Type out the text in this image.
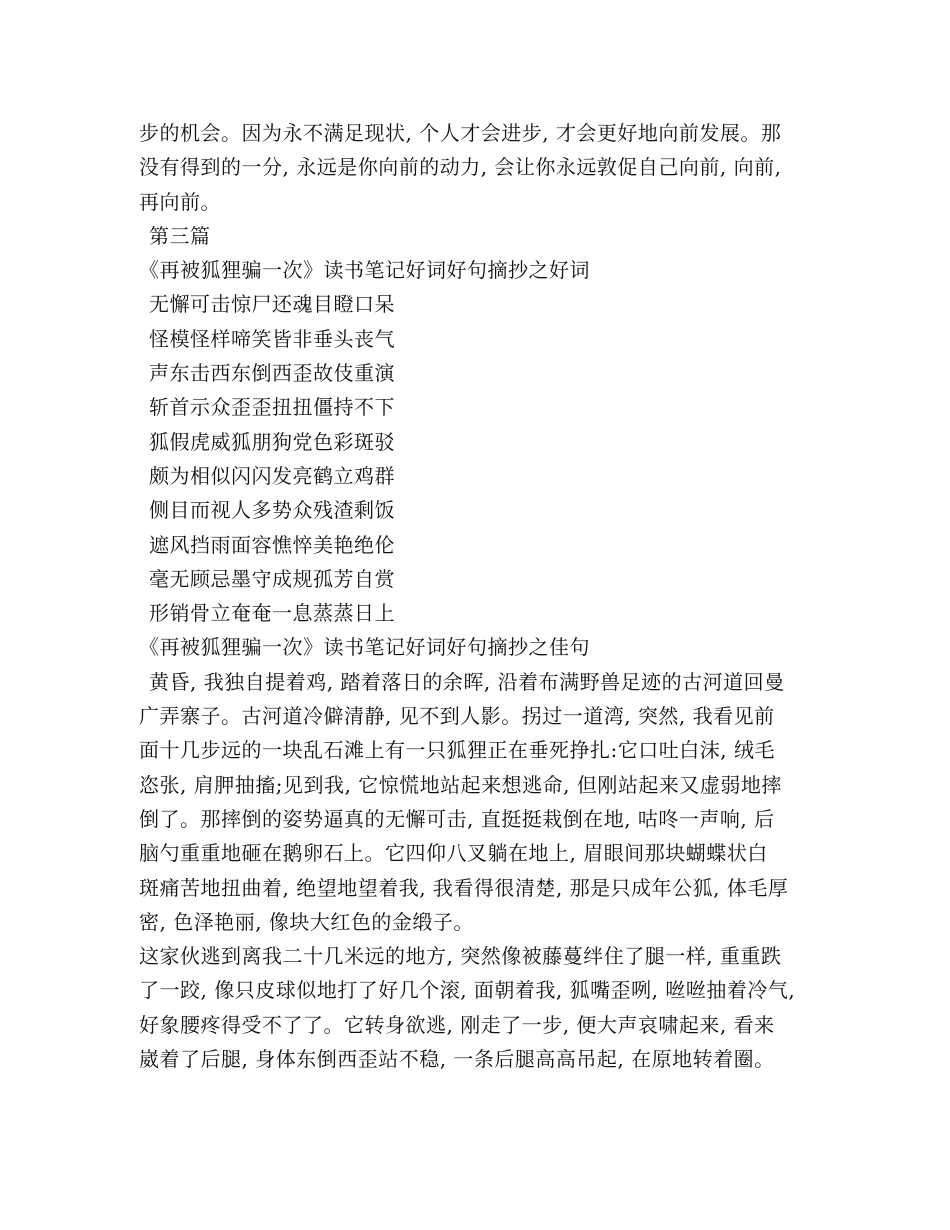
步的机会。因为永不满足现状, 个人才会进步, 才会更好地向前发展。那
没有得到的一分, 永远是你向前的动力, 会让你永远敦促自己向前, 向前,
再向前。
第三篇
《再被狐狸骗一次》读书笔记好词好句摘抄之好词
无懈可击惊尸还魂目瞪口呆
怪模怪样啼笑皆非垂头丧气
声东击西东倒西歪故伎重演
斩首示众歪歪扭扭僵持不下
狐假虎威狐朋狗党色彩斑驳
颇为相似闪闪发亮鹤立鸡群
侧目而视人多势众残渣剩饭
遮风挡雨面容憔悴美艳绝伦
毫无顾忌墨守成规孤芳自赏
形销骨立奄奄一息蒸蒸日上
《再被狐狸骗一次》读书笔记好词好句摘抄之佳句
黄昏, 我独自提着鸡, 踏着落日的余晖, 沿着布满野兽足迹的古河道回曼
广弄寨子。古河道冷僻清静, 见不到人影。拐过一道湾, 突然, 我看见前
面十几步远的一块乱石滩上有一只狐狸正在垂死挣扎:它口吐白沫, 绒毛
恣张, 肩胛抽搐;见到我, 它惊慌地站起来想逃命, 但刚站起来又虚弱地摔
倒了。那摔倒的姿势逼真的无懈可击, 直挺挺栽倒在地, 咕咚一声响, 后
脑勺重重地砸在鹅卵石上。它四仰八叉躺在地上, 眉眼间那块蝴蝶状白
斑痛苦地扭曲着, 绝望地望着我, 我看得很清楚, 那是只成年公狐, 体毛厚
密, 色泽艳丽, 像块大红色的金缎子。
这家伙逃到离我二十几米远的地方, 突然像被藤蔓绊住了腿一样, 重重跌
了一跤, 像只皮球似地打了好几个滚, 面朝着我, 狐嘴歪咧, 咝咝抽着冷气,
好象腰疼得受不了了。它转身欲逃, 刚走了一步, 便大声哀啸起来, 看来
崴着了后腿, 身体东倒西歪站不稳, 一条后腿高高吊起, 在原地转着圈。
